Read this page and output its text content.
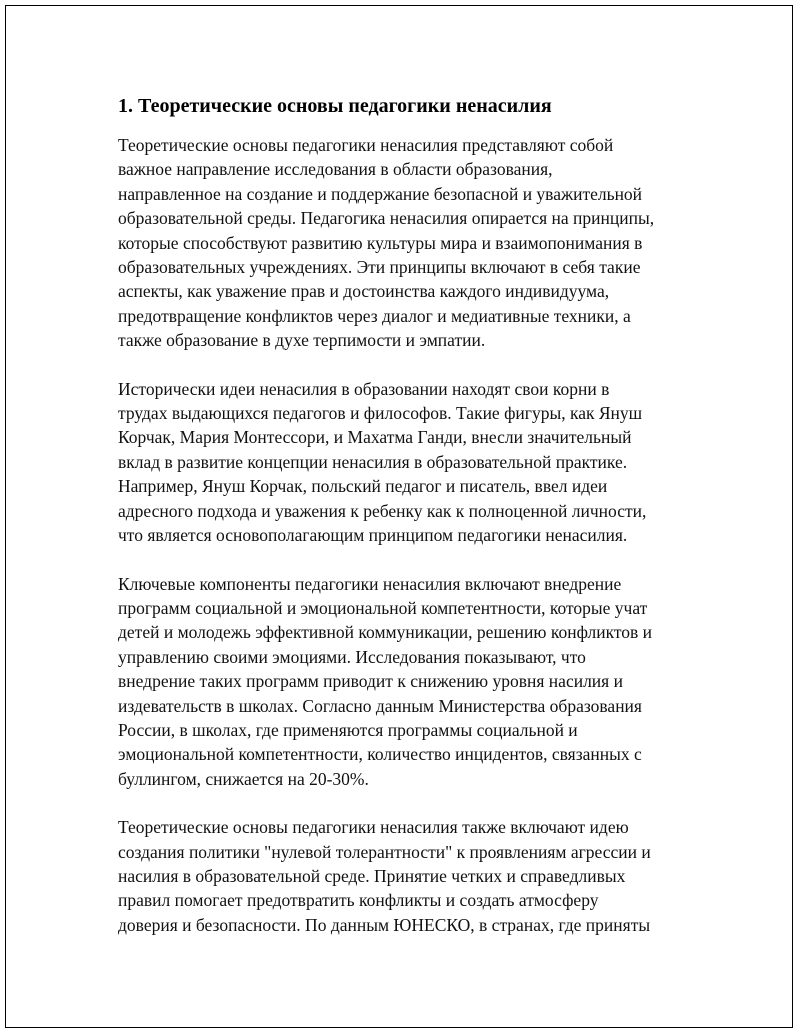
1. Теоретические основы педагогики ненасилия
Теоретические основы педагогики ненасилия представляют собой
важное направление исследования в области образования,
направленное на создание и поддержание безопасной и уважительной
образовательной среды. Педагогика ненасилия опирается на принципы,
которые способствуют развитию культуры мира и взаимопонимания в
образовательных учреждениях. Эти принципы включают в себя такие
аспекты, как уважение прав и достоинства каждого индивидуума,
предотвращение конфликтов через диалог и медиативные техники, а
также образование в духе терпимости и эмпатии.
Исторически идеи ненасилия в образовании находят свои корни в
трудах выдающихся педагогов и философов. Такие фигуры, как Януш
Корчак, Мария Монтессори, и Махатма Ганди, внесли значительный
вклад в развитие концепции ненасилия в образовательной практике.
Например, Януш Корчак, польский педагог и писатель, ввел идеи
адресного подхода и уважения к ребенку как к полноценной личности,
что является основополагающим принципом педагогики ненасилия.
Ключевые компоненты педагогики ненасилия включают внедрение
программ социальной и эмоциональной компетентности, которые учат
детей и молодежь эффективной коммуникации, решению конфликтов и
управлению своими эмоциями. Исследования показывают, что
внедрение таких программ приводит к снижению уровня насилия и
издевательств в школах. Согласно данным Министерства образования
России, в школах, где применяются программы социальной и
эмоциональной компетентности, количество инцидентов, связанных с
буллингом, снижается на 20-30%.
Теоретические основы педагогики ненасилия также включают идею
создания политики "нулевой толерантности" к проявлениям агрессии и
насилия в образовательной среде. Принятие четких и справедливых
правил помогает предотвратить конфликты и создать атмосферу
доверия и безопасности. По данным ЮНЕСКО, в странах, где приняты
